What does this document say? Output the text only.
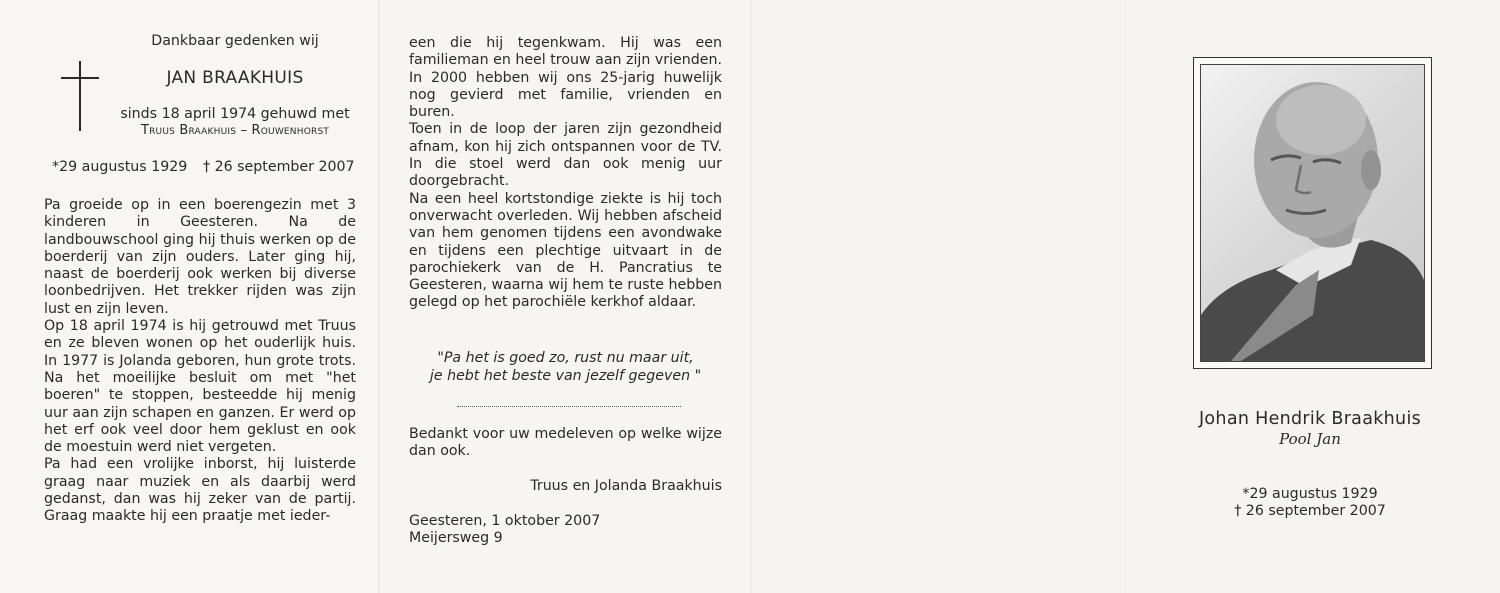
Dankbaar gedenken wij

JAN BRAAKHUIS

sinds 18 april 1974 gehuwd met

Truus Braakhuis – Rouwenhorst

*29 augustus 1929 † 26 september 2007

Pa groeide op in een boerengezin met 3 kinderen in Geesteren. Na de landbouwschool ging hij thuis werken op de boerderij van zijn ouders. Later ging hij, naast de boerderij ook werken bij diverse loonbedrijven. Het trekker rijden was zijn lust en zijn leven.

Op 18 april 1974 is hij getrouwd met Truus en ze bleven wonen op het ouderlijk huis. In 1977 is Jolanda geboren, hun grote trots. Na het moeilijke besluit om met "het boeren" te stoppen, besteedde hij menig uur aan zijn schapen en ganzen. Er werd op het erf ook veel door hem geklust en ook de moestuin werd niet vergeten.

Pa had een vrolijke inborst, hij luisterde graag naar muziek en als daarbij werd gedanst, dan was hij zeker van de partij. Graag maakte hij een praatje met ieder-

een die hij tegenkwam. Hij was een familieman en heel trouw aan zijn vrienden. In 2000 hebben wij ons 25-jarig huwelijk nog gevierd met familie, vrienden en buren.

Toen in de loop der jaren zijn gezondheid afnam, kon hij zich ontspannen voor de TV. In die stoel werd dan ook menig uur doorgebracht.

Na een heel kortstondige ziekte is hij toch onverwacht overleden. Wij hebben afscheid van hem genomen tijdens een avondwake en tijdens een plechtige uitvaart in de parochiekerk van de H. Pancratius te Geesteren, waarna wij hem te ruste hebben gelegd op het parochiële kerkhof aldaar.

"Pa het is goed zo, rust nu maar uit,

je hebt het beste van jezelf gegeven "

Bedankt voor uw medeleven op welke wijze dan ook.

Truus en Jolanda Braakhuis

Geesteren, 1 oktober 2007

Meijersweg 9

Johan Hendrik Braakhuis

Pool Jan

*29 augustus 1929

† 26 september 2007
